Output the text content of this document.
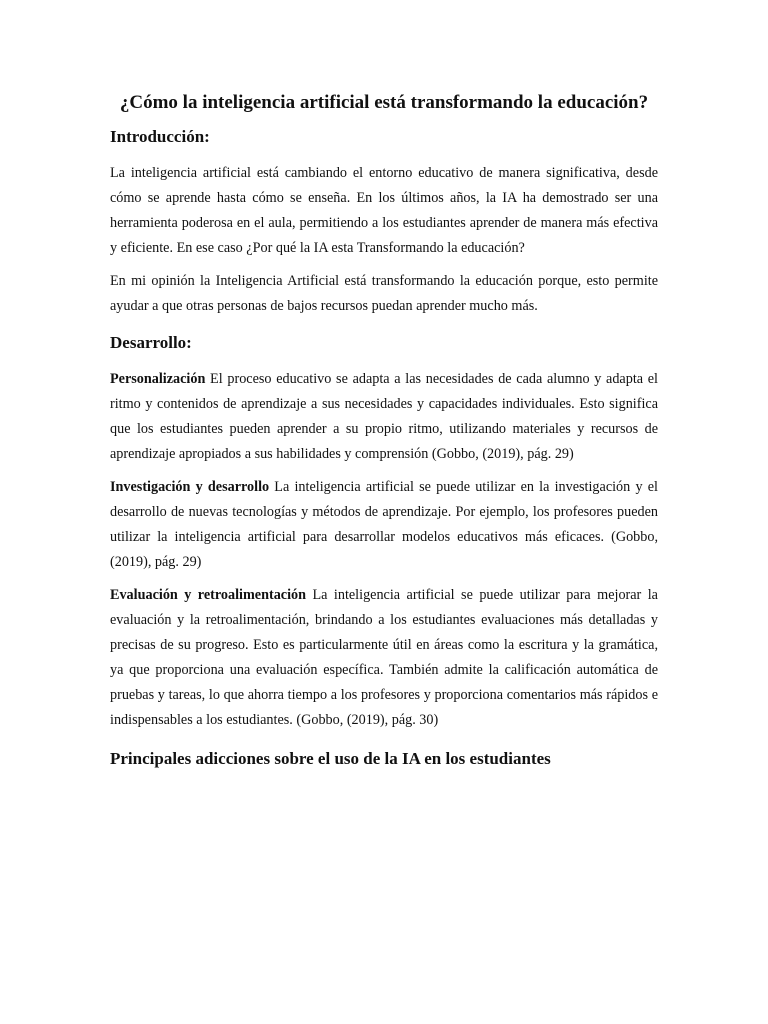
¿Cómo la inteligencia artificial está transformando la educación?
Introducción:

La inteligencia artificial está cambiando el entorno educativo de manera significativa, desde cómo se aprende hasta cómo se enseña. En los últimos años, la IA ha demostrado ser una herramienta poderosa en el aula, permitiendo a los estudiantes aprender de manera más efectiva y eficiente. En ese caso ¿Por qué la IA esta Transformando la educación?

En mi opinión la Inteligencia Artificial está transformando la educación porque, esto permite ayudar a que otras personas de bajos recursos puedan aprender mucho más.

Desarrollo:

Personalización El proceso educativo se adapta a las necesidades de cada alumno y adapta el ritmo y contenidos de aprendizaje a sus necesidades y capacidades individuales. Esto significa que los estudiantes pueden aprender a su propio ritmo, utilizando materiales y recursos de aprendizaje apropiados a sus habilidades y comprensión (Gobbo, (2019), pág. 29)

Investigación y desarrollo La inteligencia artificial se puede utilizar en la investigación y el desarrollo de nuevas tecnologías y métodos de aprendizaje. Por ejemplo, los profesores pueden utilizar la inteligencia artificial para desarrollar modelos educativos más eficaces. (Gobbo, (2019), pág. 29)

Evaluación y retroalimentación La inteligencia artificial se puede utilizar para mejorar la evaluación y la retroalimentación, brindando a los estudiantes evaluaciones más detalladas y precisas de su progreso. Esto es particularmente útil en áreas como la escritura y la gramática, ya que proporciona una evaluación específica. También admite la calificación automática de pruebas y tareas, lo que ahorra tiempo a los profesores y proporciona comentarios más rápidos e indispensables a los estudiantes. (Gobbo, (2019), pág. 30)

Principales adicciones sobre el uso de la IA en los estudiantes
